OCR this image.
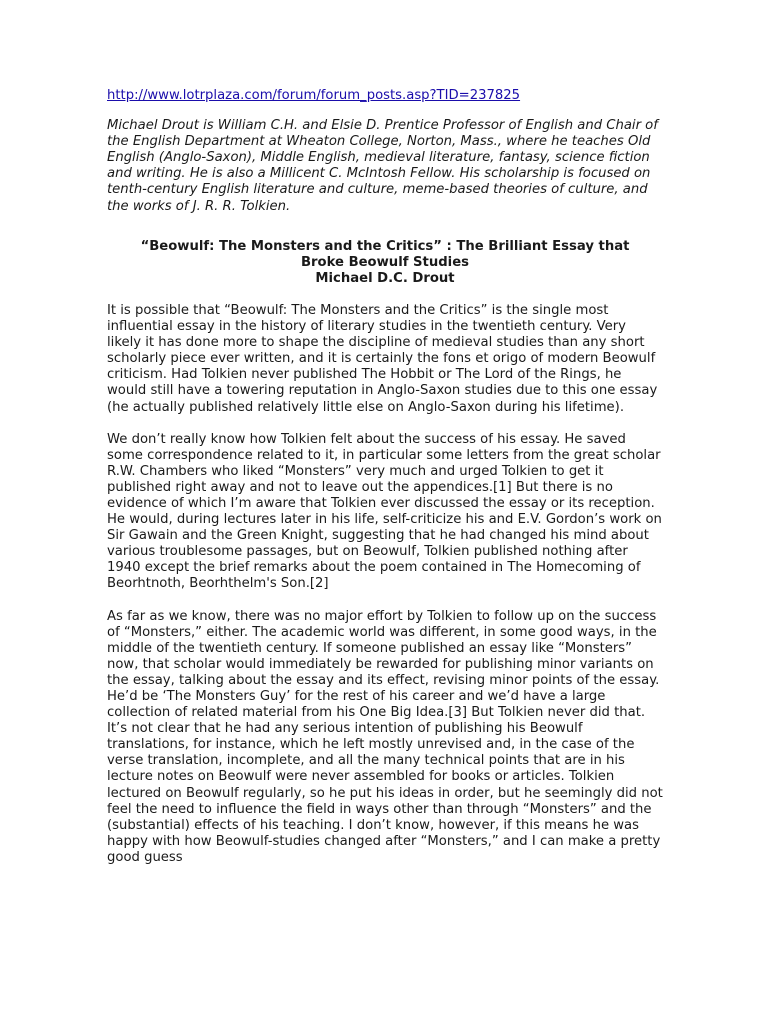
http://www.lotrplaza.com/forum/forum_posts.asp?TID=237825

Michael Drout is William C.H. and Elsie D. Prentice Professor of English and Chair of the English Department at Wheaton College, Norton, Mass., where he teaches Old English (Anglo-Saxon), Middle English, medieval literature, fantasy, science fiction and writing. He is also a Millicent C. McIntosh Fellow. His scholarship is focused on tenth-century English literature and culture, meme-based theories of culture, and the works of J. R. R. Tolkien.

“Beowulf: The Monsters and the Critics” : The Brilliant Essay that
Broke Beowulf Studies
Michael D.C. Drout

It is possible that “Beowulf: The Monsters and the Critics” is the single most influential essay in the history of literary studies in the twentieth century. Very likely it has done more to shape the discipline of medieval studies than any short scholarly piece ever written, and it is certainly the fons et origo of modern Beowulf criticism. Had Tolkien never published The Hobbit or The Lord of the Rings, he would still have a towering reputation in Anglo-Saxon studies due to this one essay (he actually published relatively little else on Anglo-Saxon during his lifetime).

We don’t really know how Tolkien felt about the success of his essay. He saved some correspondence related to it, in particular some letters from the great scholar R.W. Chambers who liked “Monsters” very much and urged Tolkien to get it published right away and not to leave out the appendices.[1] But there is no evidence of which I’m aware that Tolkien ever discussed the essay or its reception. He would, during lectures later in his life, self-criticize his and E.V. Gordon’s work on Sir Gawain and the Green Knight, suggesting that he had changed his mind about various troublesome passages, but on Beowulf, Tolkien published nothing after 1940 except the brief remarks about the poem contained in The Homecoming of Beorhtnoth, Beorhthelm's Son.[2]

As far as we know, there was no major effort by Tolkien to follow up on the success of “Monsters,” either. The academic world was different, in some good ways, in the middle of the twentieth century. If someone published an essay like “Monsters” now, that scholar would immediately be rewarded for publishing minor variants on the essay, talking about the essay and its effect, revising minor points of the essay. He’d be ‘The Monsters Guy’ for the rest of his career and we’d have a large collection of related material from his One Big Idea.[3] But Tolkien never did that. It’s not clear that he had any serious intention of publishing his Beowulf translations, for instance, which he left mostly unrevised and, in the case of the verse translation, incomplete, and all the many technical points that are in his lecture notes on Beowulf were never assembled for books or articles. Tolkien lectured on Beowulf regularly, so he put his ideas in order, but he seemingly did not feel the need to influence the field in ways other than through “Monsters” and the (substantial) effects of his teaching. I don’t know, however, if this means he was happy with how Beowulf-studies changed after “Monsters,” and I can make a pretty good guess
